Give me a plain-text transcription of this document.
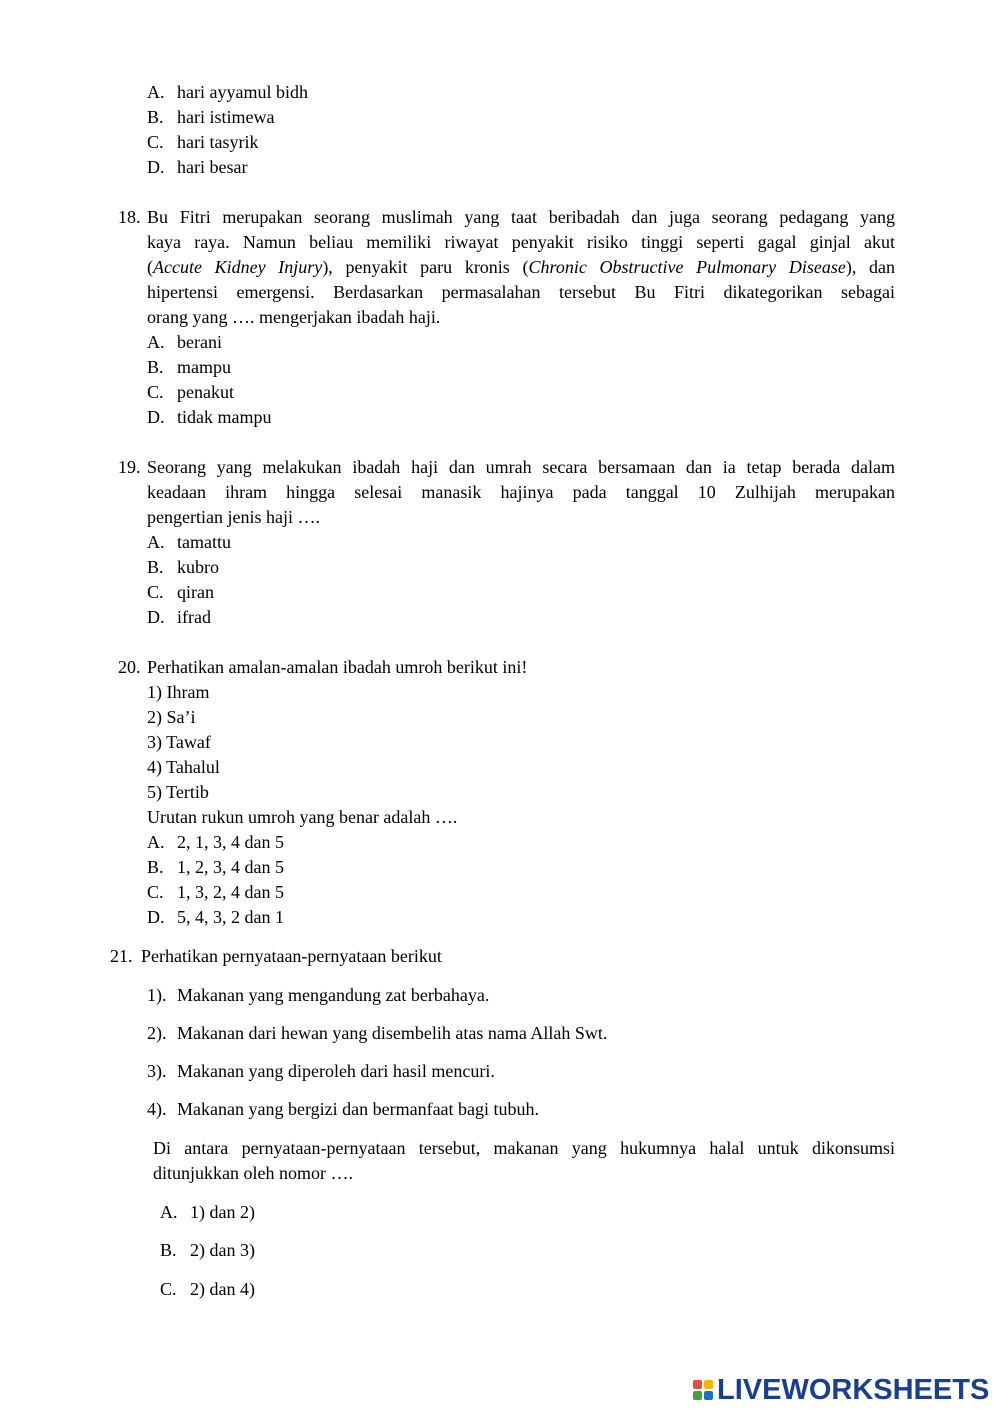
A. hari ayyamul bidh
B. hari istimewa
C. hari tasyrik
D. hari besar
18. Bu Fitri merupakan seorang muslimah yang taat beribadah dan juga seorang pedagang yang
kaya raya. Namun beliau memiliki riwayat penyakit risiko tinggi seperti gagal ginjal akut
(Accute Kidney Injury), penyakit paru kronis (Chronic Obstructive Pulmonary Disease), dan
hipertensi emergensi. Berdasarkan permasalahan tersebut Bu Fitri dikategorikan sebagai
orang yang …. mengerjakan ibadah haji.
A. berani
B. mampu
C. penakut
D. tidak mampu
19. Seorang yang melakukan ibadah haji dan umrah secara bersamaan dan ia tetap berada dalam
keadaan ihram hingga selesai manasik hajinya pada tanggal 10 Zulhijah merupakan
pengertian jenis haji ….
A. tamattu
B. kubro
C. qiran
D. ifrad
20. Perhatikan amalan-amalan ibadah umroh berikut ini!
1) Ihram
2) Sa’i
3) Tawaf
4) Tahalul
5) Tertib
Urutan rukun umroh yang benar adalah ….
A. 2, 1, 3, 4 dan 5
B. 1, 2, 3, 4 dan 5
C. 1, 3, 2, 4 dan 5
D. 5, 4, 3, 2 dan 1
21. Perhatikan pernyataan-pernyataan berikut
1). Makanan yang mengandung zat berbahaya.
2). Makanan dari hewan yang disembelih atas nama Allah Swt.
3). Makanan yang diperoleh dari hasil mencuri.
4). Makanan yang bergizi dan bermanfaat bagi tubuh.
Di antara pernyataan-pernyataan tersebut, makanan yang hukumnya halal untuk dikonsumsi
ditunjukkan oleh nomor ….
A. 1) dan 2)
B. 2) dan 3)
C. 2) dan 4)
LIVEWORKSHEETS
